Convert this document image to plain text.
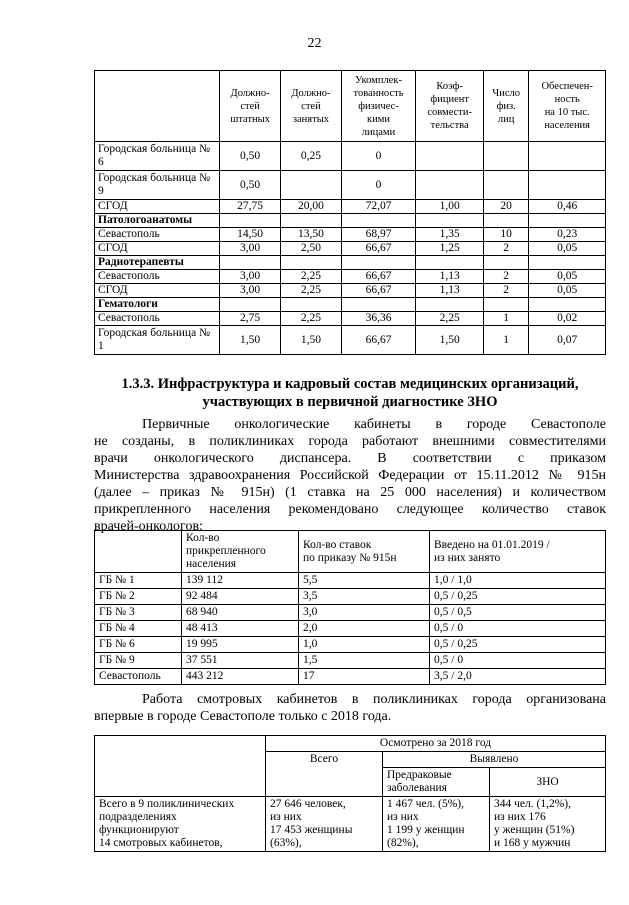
22
	Должно-
стей
штатных	Должно-
стей
занятых	Укомплек-
тованность
физичес-
кими
лицами	Коэф-
фициент
совмести-
тельства	Число
физ.
лиц	Обеспечен-
ность
на 10 тыс.
населения
Городская больница № 6	0,50	0,25	0			
Городская больница № 9	0,50		0			
СГОД	27,75	20,00	72,07	1,00	20	0,46
Патологоанатомы						
Севастополь	14,50	13,50	68,97	1,35	10	0,23
СГОД	3,00	2,50	66,67	1,25	2	0,05
Радиотерапевты						
Севастополь	3,00	2,25	66,67	1,13	2	0,05
СГОД	3,00	2,25	66,67	1,13	2	0,05
Гематологи						
Севастополь	2,75	2,25	36,36	2,25	1	0,02
Городская больница № 1	1,50	1,50	66,67	1,50	1	0,07
1.3.3. Инфраструктура и кадровый состав медицинских организаций,
участвующих в первичной диагностике ЗНО
Первичные онкологические кабинеты в городе Севастополе
не созданы, в поликлиниках города работают внешними совместителями
врачи онкологического диспансера. В соответствии с приказом
Министерства здравоохранения Российской Федерации от 15.11.2012 № 915н
(далее – приказ № 915н) (1 ставка на 25 000 населения) и количеством
прикрепленного населения рекомендовано следующее количество ставок
врачей-онкологов:
	Кол-во
прикрепленного
населения	Кол-во ставок
по приказу № 915н	Введено на 01.01.2019 /
из них занято
ГБ № 1	139 112	5,5	1,0 / 1,0
ГБ № 2	92 484	3,5	0,5 / 0,25
ГБ № 3	68 940	3,0	0,5 / 0,5
ГБ № 4	48 413	2,0	0,5 / 0
ГБ № 6	19 995	1,0	0,5 / 0,25
ГБ № 9	37 551	1,5	0,5 / 0
Севастополь	443 212	17	3,5 / 2,0
Работа смотровых кабинетов в поликлиниках города организована
впервые в городе Севастополе только с 2018 года.
	Осмотрено за 2018 год		
	Всего	Выявлено	
		Предраковые
заболевания	ЗНО
Всего в 9 поликлинических
подразделениях
функционируют
14 смотровых кабинетов,	27 646 человек,
из них
17 453 женщины
(63%),	1 467 чел. (5%),
из них
1 199 у женщин
(82%),	344 чел. (1,2%),
из них 176
у женщин (51%)
и 168 у мужчин
